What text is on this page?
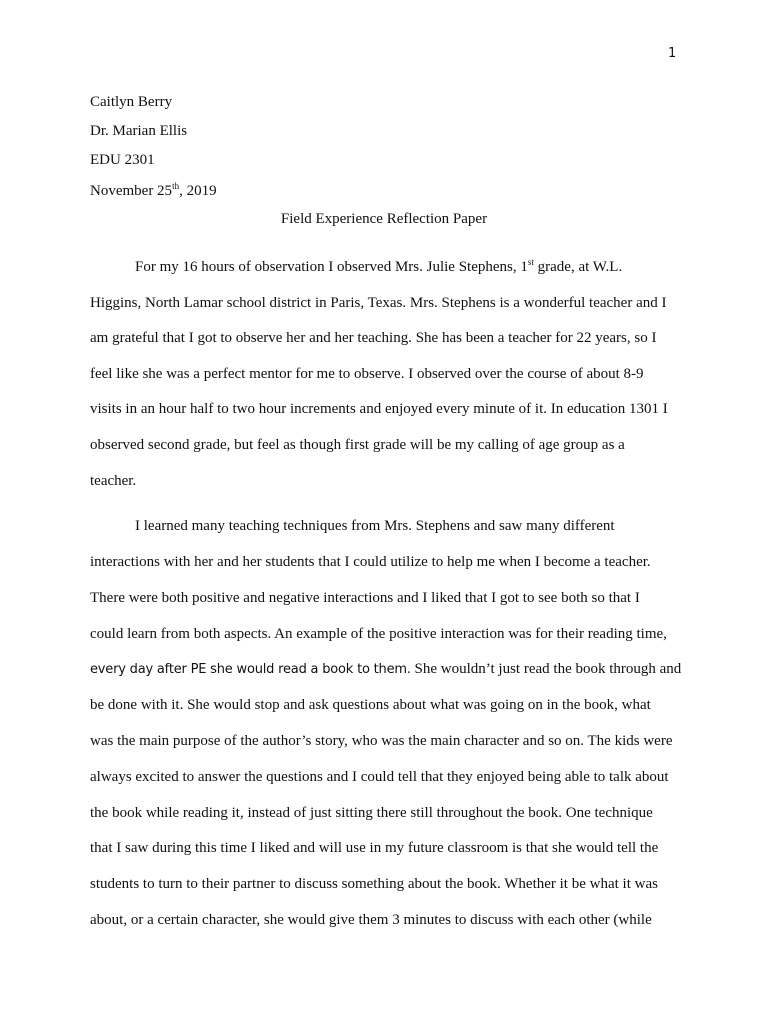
1
Caitlyn Berry
Dr. Marian Ellis
EDU 2301
November 25th, 2019
Field Experience Reflection Paper
For my 16 hours of observation I observed Mrs. Julie Stephens, 1st grade, at W.L.
Higgins, North Lamar school district in Paris, Texas. Mrs. Stephens is a wonderful teacher and I
am grateful that I got to observe her and her teaching. She has been a teacher for 22 years, so I
feel like she was a perfect mentor for me to observe. I observed over the course of about 8-9
visits in an hour half to two hour increments and enjoyed every minute of it. In education 1301 I
observed second grade, but feel as though first grade will be my calling of age group as a
teacher.
I learned many teaching techniques from Mrs. Stephens and saw many different
interactions with her and her students that I could utilize to help me when I become a teacher.
There were both positive and negative interactions and I liked that I got to see both so that I
could learn from both aspects. An example of the positive interaction was for their reading time,
every day after PE she would read a book to them. She wouldn’t just read the book through and
be done with it. She would stop and ask questions about what was going on in the book, what
was the main purpose of the author’s story, who was the main character and so on. The kids were
always excited to answer the questions and I could tell that they enjoyed being able to talk about
the book while reading it, instead of just sitting there still throughout the book. One technique
that I saw during this time I liked and will use in my future classroom is that she would tell the
students to turn to their partner to discuss something about the book. Whether it be what it was
about, or a certain character, she would give them 3 minutes to discuss with each other (while
